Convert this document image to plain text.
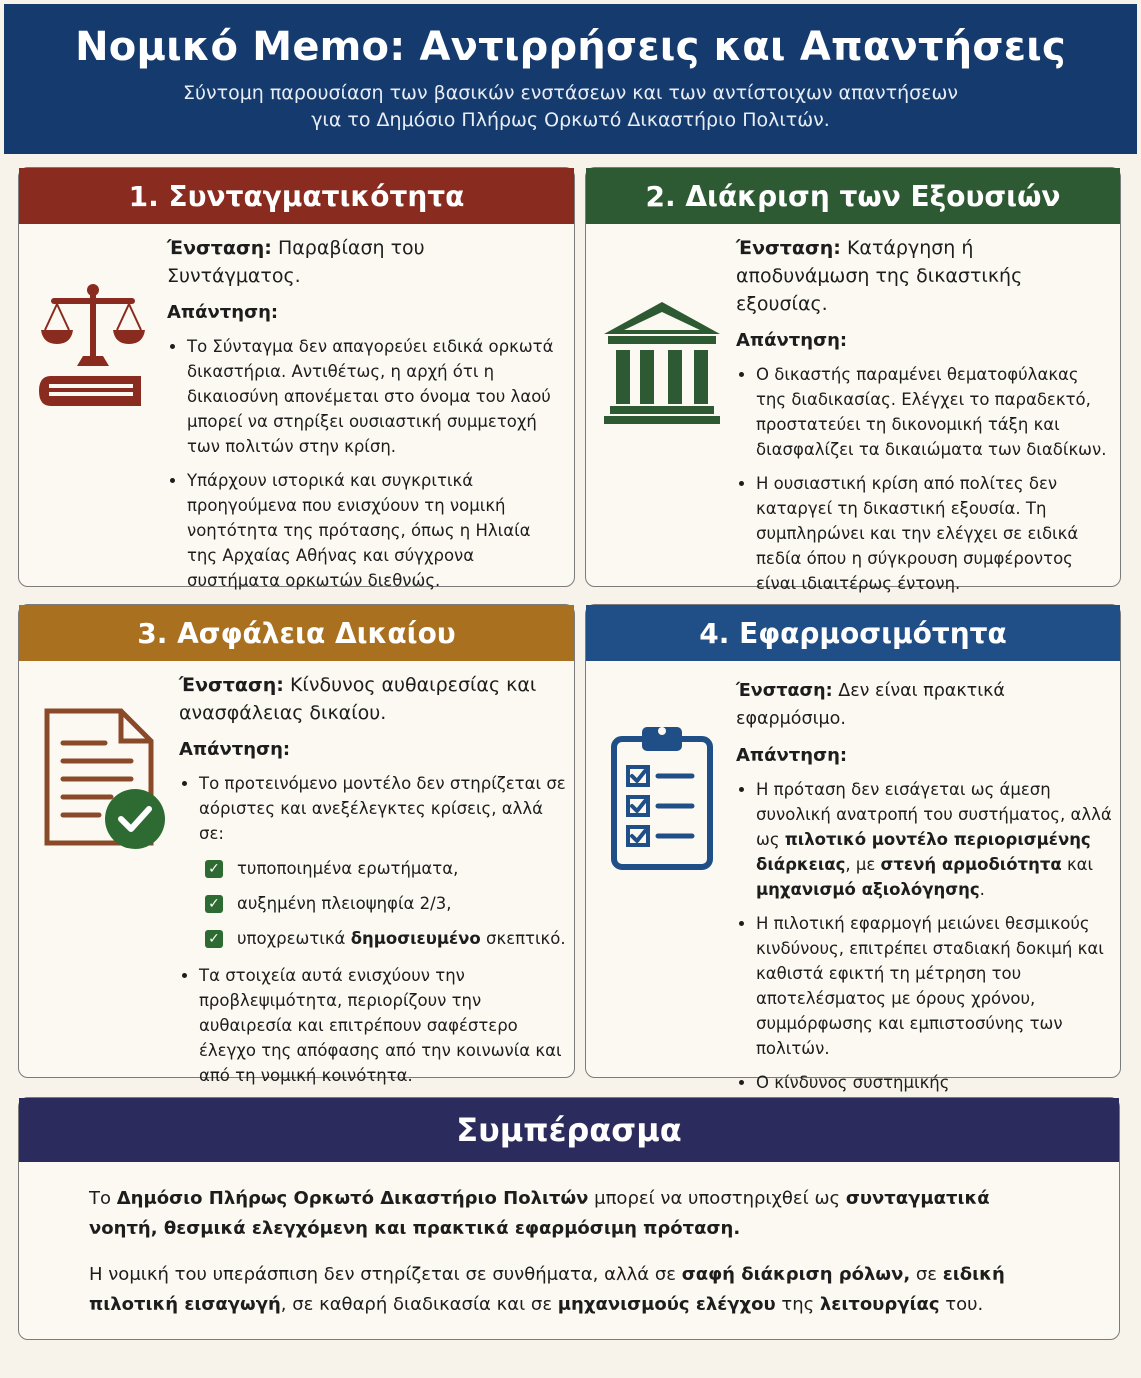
Νομικό Memo: Αντιρρήσεις και Απαντήσεις
Σύντομη παρουσίαση των βασικών ενστάσεων και των αντίστοιχων απαντήσεων
για το Δημόσιο Πλήρως Ορκωτό Δικαστήριο Πολιτών.
1. Συνταγματικότητα
Ένσταση: Παραβίαση του Συντάγματος.
Απάντηση:
• Το Σύνταγμα δεν απαγορεύει ειδικά ορκωτά δικαστήρια. Αντιθέτως, η αρχή ότι η δικαιοσύνη απονέμεται στο όνομα του λαού μπορεί να στηρίξει ουσιαστική συμμετοχή των πολιτών στην κρίση.
• Υπάρχουν ιστορικά και συγκριτικά προηγούμενα που ενισχύουν τη νομική νοητότητα της πρότασης, όπως η Ηλιαία της Αρχαίας Αθήνας και σύγχρονα συστήματα ορκωτών διεθνώς.
2. Διάκριση των Εξουσιών
Ένσταση: Κατάργηση ή αποδυνάμωση της δικαστικής εξουσίας.
Απάντηση:
• Ο δικαστής παραμένει θεματοφύλακας της διαδικασίας. Ελέγχει το παραδεκτό, προστατεύει τη δικονομική τάξη και διασφαλίζει τα δικαιώματα των διαδίκων.
• Η ουσιαστική κρίση από πολίτες δεν καταργεί τη δικαστική εξουσία. Τη συμπληρώνει και την ελέγχει σε ειδικά πεδία όπου η σύγκρουση συμφέροντος είναι ιδιαιτέρως έντονη.
3. Ασφάλεια Δικαίου
Ένσταση: Κίνδυνος αυθαιρεσίας και ανασφάλειας δικαίου.
Απάντηση:
• Το προτεινόμενο μοντέλο δεν στηρίζεται σε αόριστες και ανεξέλεγκτες κρίσεις, αλλά σε:
✓ τυποποιημένα ερωτήματα,
✓ αυξημένη πλειοψηφία 2/3,
✓ υποχρεωτικά δημοσιευμένο σκεπτικό.
• Τα στοιχεία αυτά ενισχύουν την προβλεψιμότητα, περιορίζουν την αυθαιρεσία και επιτρέπουν σαφέστερο έλεγχο της απόφασης από την κοινωνία και από τη νομική κοινότητα.
4. Εφαρμοσιμότητα
Ένσταση: Δεν είναι πρακτικά εφαρμόσιμο.
Απάντηση:
• Η πρόταση δεν εισάγεται ως άμεση συνολική ανατροπή του συστήματος, αλλά ως πιλοτικό μοντέλο περιορισμένης διάρκειας, με στενή αρμοδιότητα και μηχανισμό αξιολόγησης.
• Η πιλοτική εφαρμογή μειώνει θεσμικούς κινδύνους, επιτρέπει σταδιακή δοκιμή και καθιστά εφικτή τη μέτρηση του αποτελέσματος με όρους χρόνου, συμμόρφωσης και εμπιστοσύνης των πολιτών.
• Ο κίνδυνος συστημικής
Συμπέρασμα

Το Δημόσιο Πλήρως Ορκωτό Δικαστήριο Πολιτών μπορεί να υποστηριχθεί ως συνταγματικά νοητή, θεσμικά ελεγχόμενη και πρακτικά εφαρμόσιμη πρόταση.

Η νομική του υπεράσπιση δεν στηρίζεται σε συνθήματα, αλλά σε σαφή διάκριση ρόλων, σε ειδική πιλοτική εισαγωγή, σε καθαρή διαδικασία και σε μηχανισμούς ελέγχου της λειτουργίας του.
